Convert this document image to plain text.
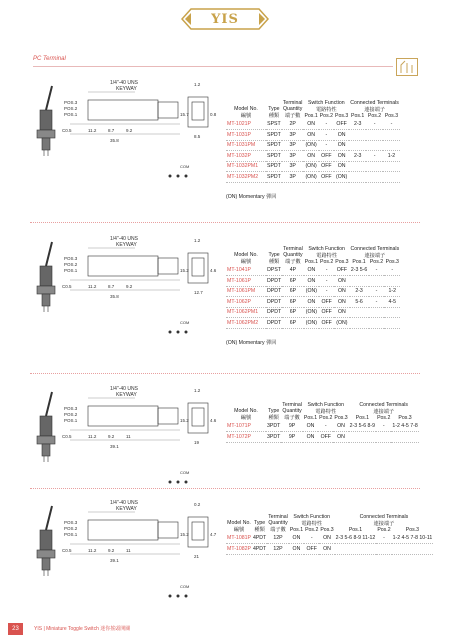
YIS
PC Terminal
1/4"-40 UNS
KEYWAY
POS.3
POS.2
POS.1
C0.5	11.2	8.7	9.2
35.8
1.2
15.7
8.5
0.8
COM
Model No.
編號	Type
種類	Terminal
Quantity
端子數	Switch Function
電路特性			Connected Terminals
連接端子		
			Pos.1	Pos.2	Pos.3	Pos.1	Pos.2	Pos.3
MT-1021P	SPST	2P	ON	-	OFF	2-3	-	-
MT-1031P	SPDT	3P	ON	-	ON			
MT-1031PM	SPDT	3P	(ON)	-	ON			
MT-1032P	SPDT	3P	ON	OFF	ON	2-3	-	1-2
MT-1032PM1	SPDT	3P	(ON)	OFF	ON			
MT-1032PM2	SPDT	3P	(ON)	OFF	(ON)			
(ON) Momentary 彈回
1/4"-40 UNS
KEYWAY
POS.3
POS.2
POS.1
C0.5	11.2	8.7	9.2
35.8
1.2
15.2
12.7
4.6
COM
Model No.
編號	Type
種類	Terminal
Quantity
端子數	Switch Function
電路特性			Connected Terminals
連接端子		
			Pos.1	Pos.2	Pos.3	Pos.1	Pos.2	Pos.3
MT-1041P	DPST	4P	ON	-	OFF	2-3 5-6	-	-
MT-1061P	DPDT	6P	ON	-	ON			
MT-1061PM	DPDT	6P	(ON)	-	ON	2-3	-	1-2
MT-1062P	DPDT	6P	ON	OFF	ON	5-6	-	4-5
MT-1062PM1	DPDT	6P	(ON)	OFF	ON			
MT-1062PM2	DPDT	6P	(ON)	OFF	(ON)			
(ON) Momentary 彈回
1/4"-40 UNS
KEYWAY
POS.3
POS.2
POS.1
C0.5	11.2	9.2	11
39.1
1.2
15.2
19
4.6
COM
Model No.
編號	Type
種類	Terminal
Quantity
端子數	Switch Function
電路特性			Connected Terminals
連接端子		
			Pos.1	Pos.2	Pos.3	Pos.1	Pos.2	Pos.3
MT-1071P	3PDT	9P	ON	-	ON	2-3 5-6 8-9	-	1-2 4-5 7-8
MT-1072P	3PDT	9P	ON	OFF	ON			
1/4"-40 UNS
KEYWAY
POS.3
POS.2
POS.1
C0.5	11.2	9.2	11
39.1
0.2
15.2
21
4.7
COM
Model No.
編號	Type
種類	Terminal
Quantity
端子數	Switch Function
電路特性			Connected Terminals
連接端子		
			Pos.1	Pos.2	Pos.3	Pos.1	Pos.2	Pos.3
MT-1081P	4PDT	12P	ON	-	ON	2-3 5-6 8-9 11-12	-	1-2 4-5 7-8 10-11
MT-1082P	4PDT	12P	ON	OFF	ON			
23	YIS | Miniature Toggle Switch 迷你搖頭開關
